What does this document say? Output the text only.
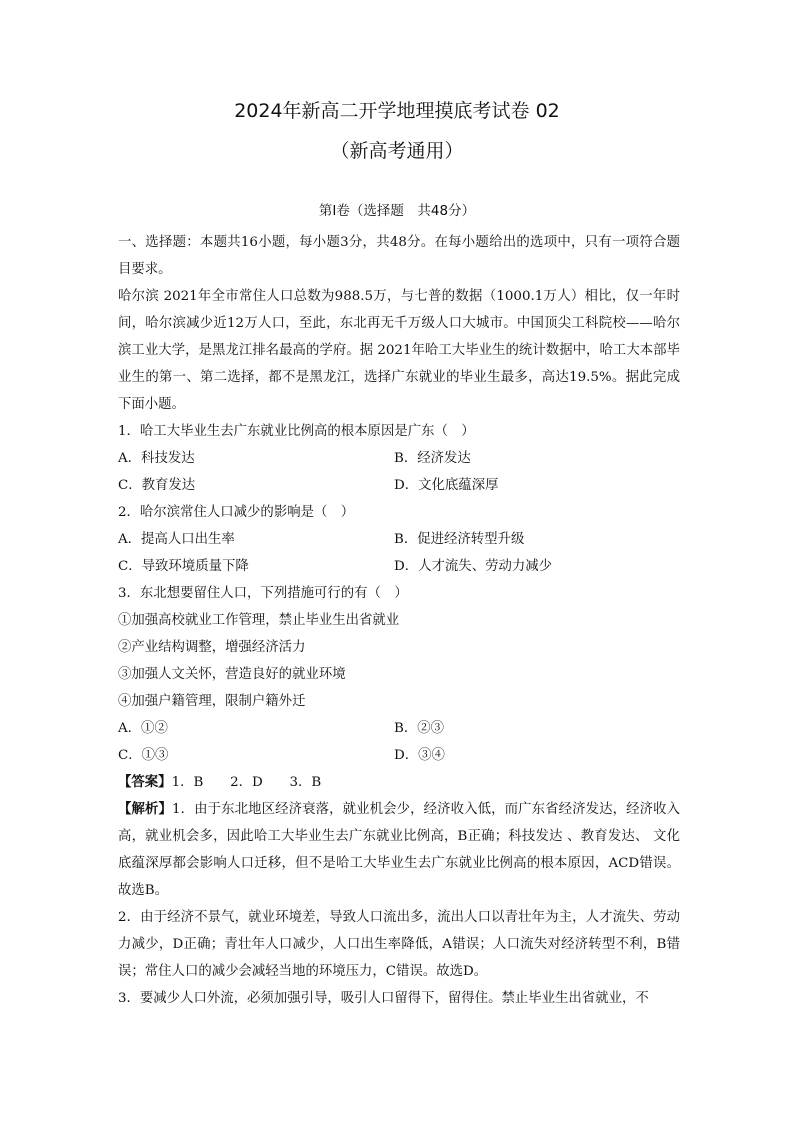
2024年新高二开学地理摸底考试卷 02
（新高考通用）
第I卷（选择题　共48分）

一、选择题：本题共16小题，每小题3分，共48分。在每小题给出的选项中，只有一项符合题目要求。

哈尔滨 2021年全市常住人口总数为988.5万，与七普的数据（1000.1万人）相比，仅一年时间，哈尔滨减少近12万人口，至此，东北再无千万级人口大城市。中国顶尖工科院校——哈尔滨工业大学，是黑龙江排名最高的学府。据 2021年哈工大毕业生的统计数据中，哈工大本部毕业生的第一、第二选择，都不是黑龙江，选择广东就业的毕业生最多，高达19.5%。据此完成下面小题。

1．哈工大毕业生去广东就业比例高的根本原因是广东（　）

A．科技发达	B．经济发达
C．教育发达	D．文化底蕴深厚

2．哈尔滨常住人口减少的影响是（　）

A．提高人口出生率	B．促进经济转型升级
C．导致环境质量下降	D．人才流失、劳动力减少

3．东北想要留住人口，下列措施可行的有（　）

①加强高校就业工作管理，禁止毕业生出省就业

②产业结构调整，增强经济活力

③加强人文关怀，营造良好的就业环境

④加强户籍管理，限制户籍外迁

A．①②	B．②③
C．①③	D．③④

【答案】1．B　　2．D　　3．B

【解析】1．由于东北地区经济衰落，就业机会少，经济收入低，而广东省经济发达，经济收入高，就业机会多，因此哈工大毕业生去广东就业比例高，B正确；科技发达 、教育发达、 文化底蕴深厚都会影响人口迁移，但不是哈工大毕业生去广东就业比例高的根本原因，ACD错误。故选B。

2．由于经济不景气，就业环境差，导致人口流出多，流出人口以青壮年为主，人才流失、劳动力减少，D正确；青壮年人口减少，人口出生率降低，A错误；人口流失对经济转型不利，B错误；常住人口的减少会减轻当地的环境压力，C错误。故选D。

3．要减少人口外流，必须加强引导，吸引人口留得下，留得住。禁止毕业生出省就业，不
